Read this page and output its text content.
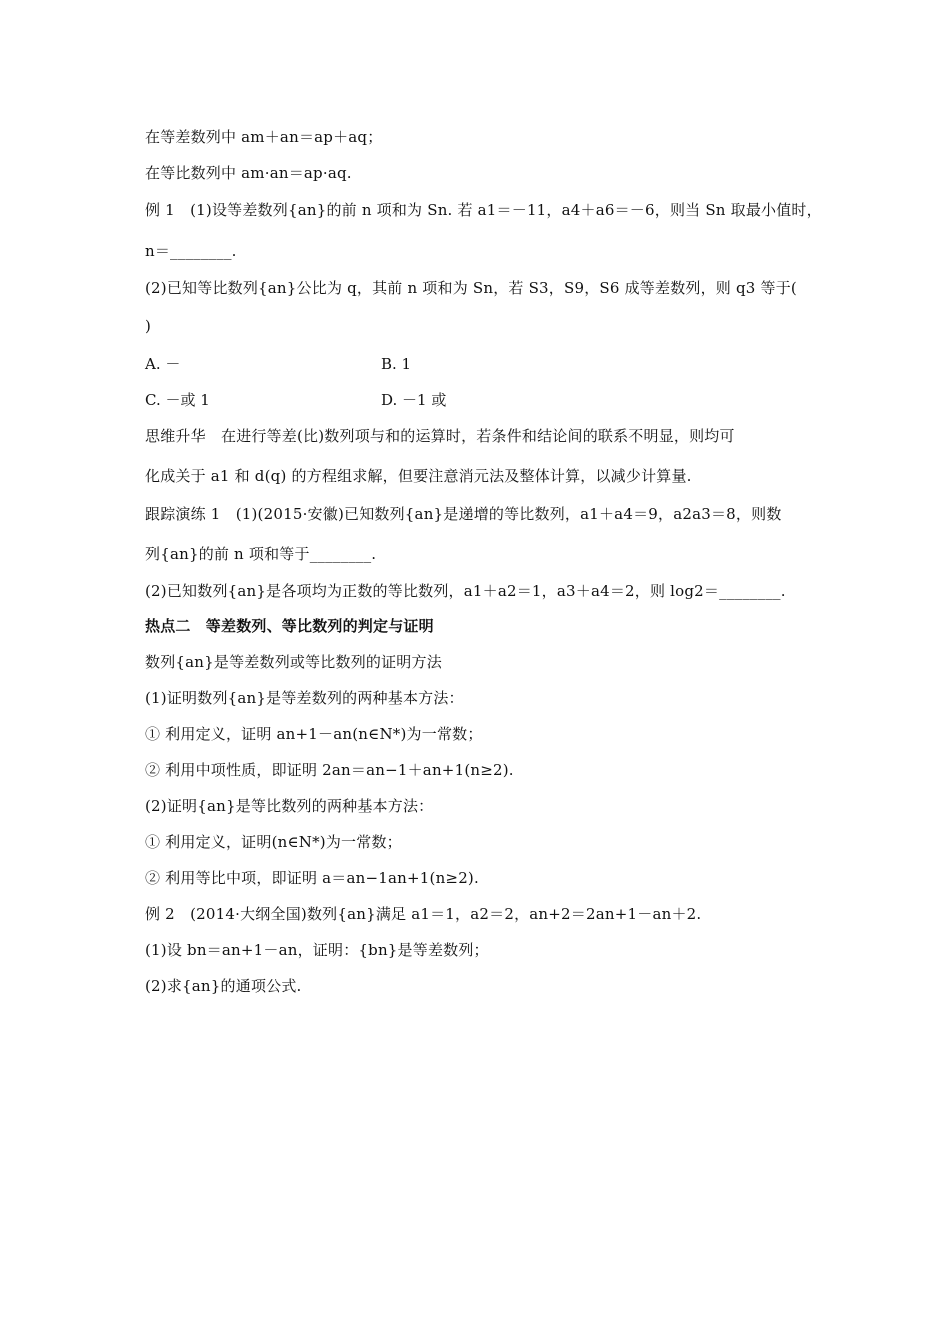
在等差数列中 am＋an＝ap＋aq；
在等比数列中 am·an＝ap·aq.
例 1　(1)设等差数列{an}的前 n 项和为 Sn. 若 a1＝－11，a4＋a6＝－6，则当 Sn 取最小值时，
n＝________.
(2)已知等比数列{an}公比为 q，其前 n 项和为 Sn，若 S3，S9，S6 成等差数列，则 q3 等于(
)
A. －	B. 1
C. －或 1	D. －1 或
思维升华　在进行等差(比)数列项与和的运算时，若条件和结论间的联系不明显，则均可
化成关于 a1 和 d(q) 的方程组求解，但要注意消元法及整体计算，以减少计算量.
跟踪演练 1　(1)(2015·安徽)已知数列{an}是递增的等比数列，a1＋a4＝9，a2a3＝8，则数
列{an}的前 n 项和等于________.
(2)已知数列{an}是各项均为正数的等比数列，a1＋a2＝1，a3＋a4＝2，则 log2＝________.
热点二　等差数列、等比数列的判定与证明
数列{an}是等差数列或等比数列的证明方法
(1)证明数列{an}是等差数列的两种基本方法：
① 利用定义，证明 an+1－an(n∈N*)为一常数；
② 利用中项性质，即证明 2an＝an−1＋an+1(n≥2).
(2)证明{an}是等比数列的两种基本方法：
① 利用定义，证明(n∈N*)为一常数；
② 利用等比中项，即证明 a＝an−1an+1(n≥2).
例 2　(2014·大纲全国)数列{an}满足 a1＝1，a2＝2，an+2＝2an+1－an＋2.
(1)设 bn＝an+1－an，证明：{bn}是等差数列；
(2)求{an}的通项公式.
